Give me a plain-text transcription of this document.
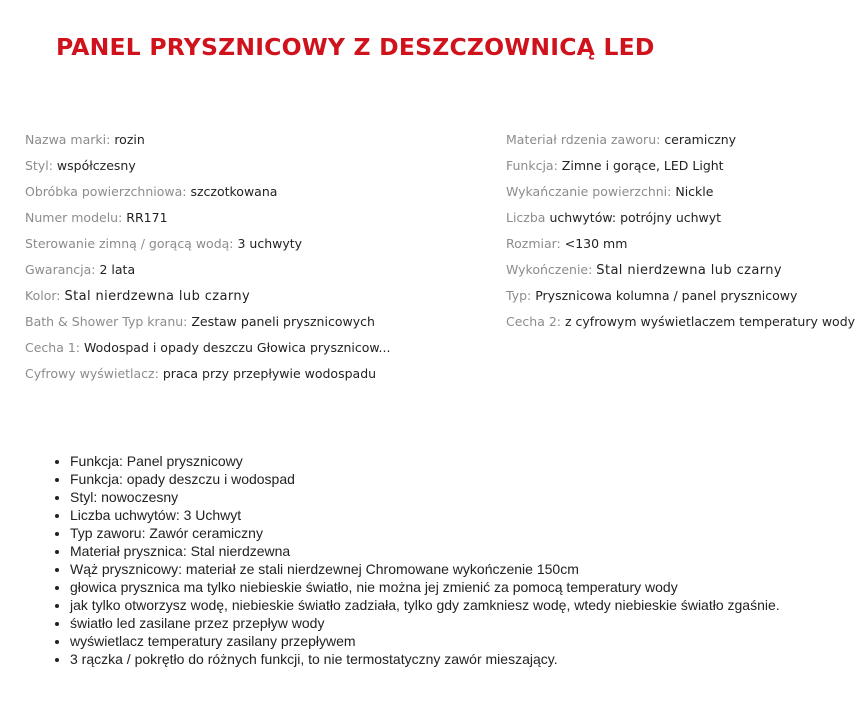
PANEL PRYSZNICOWY Z DESZCZOWNICĄ LED
Nazwa marki: rozin
Styl: współczesny
Obróbka powierzchniowa: szczotkowana
Numer modelu: RR171
Sterowanie zimną / gorącą wodą: 3 uchwyty
Gwarancja: 2 lata
Kolor: Stal nierdzewna lub czarny
Bath & Shower Typ kranu: Zestaw paneli prysznicowych
Cecha 1: Wodospad i opady deszczu Głowica prysznicow...
Cyfrowy wyświetlacz: praca przy przepływie wodospadu
Materiał rdzenia zaworu: ceramiczny
Funkcja: Zimne i gorące, LED Light
Wykańczanie powierzchni: Nickle
Liczba uchwytów: potrójny uchwyt
Rozmiar: <130 mm
Wykończenie: Stal nierdzewna lub czarny
Typ: Prysznicowa kolumna / panel prysznicowy
Cecha 2: z cyfrowym wyświetlaczem temperatury wody
• Funkcja: Panel prysznicowy
• Funkcja: opady deszczu i wodospad
• Styl: nowoczesny
• Liczba uchwytów: 3 Uchwyt
• Typ zaworu: Zawór ceramiczny
• Materiał prysznica: Stal nierdzewna
• Wąż prysznicowy: materiał ze stali nierdzewnej Chromowane wykończenie 150cm
• głowica prysznica ma tylko niebieskie światło, nie można jej zmienić za pomocą temperatury wody
• jak tylko otworzysz wodę, niebieskie światło zadziała, tylko gdy zamkniesz wodę, wtedy niebieskie światło zgaśnie.
• światło led zasilane przez przepływ wody
• wyświetlacz temperatury zasilany przepływem
• 3 rączka / pokrętło do różnych funkcji, to nie termostatyczny zawór mieszający.
